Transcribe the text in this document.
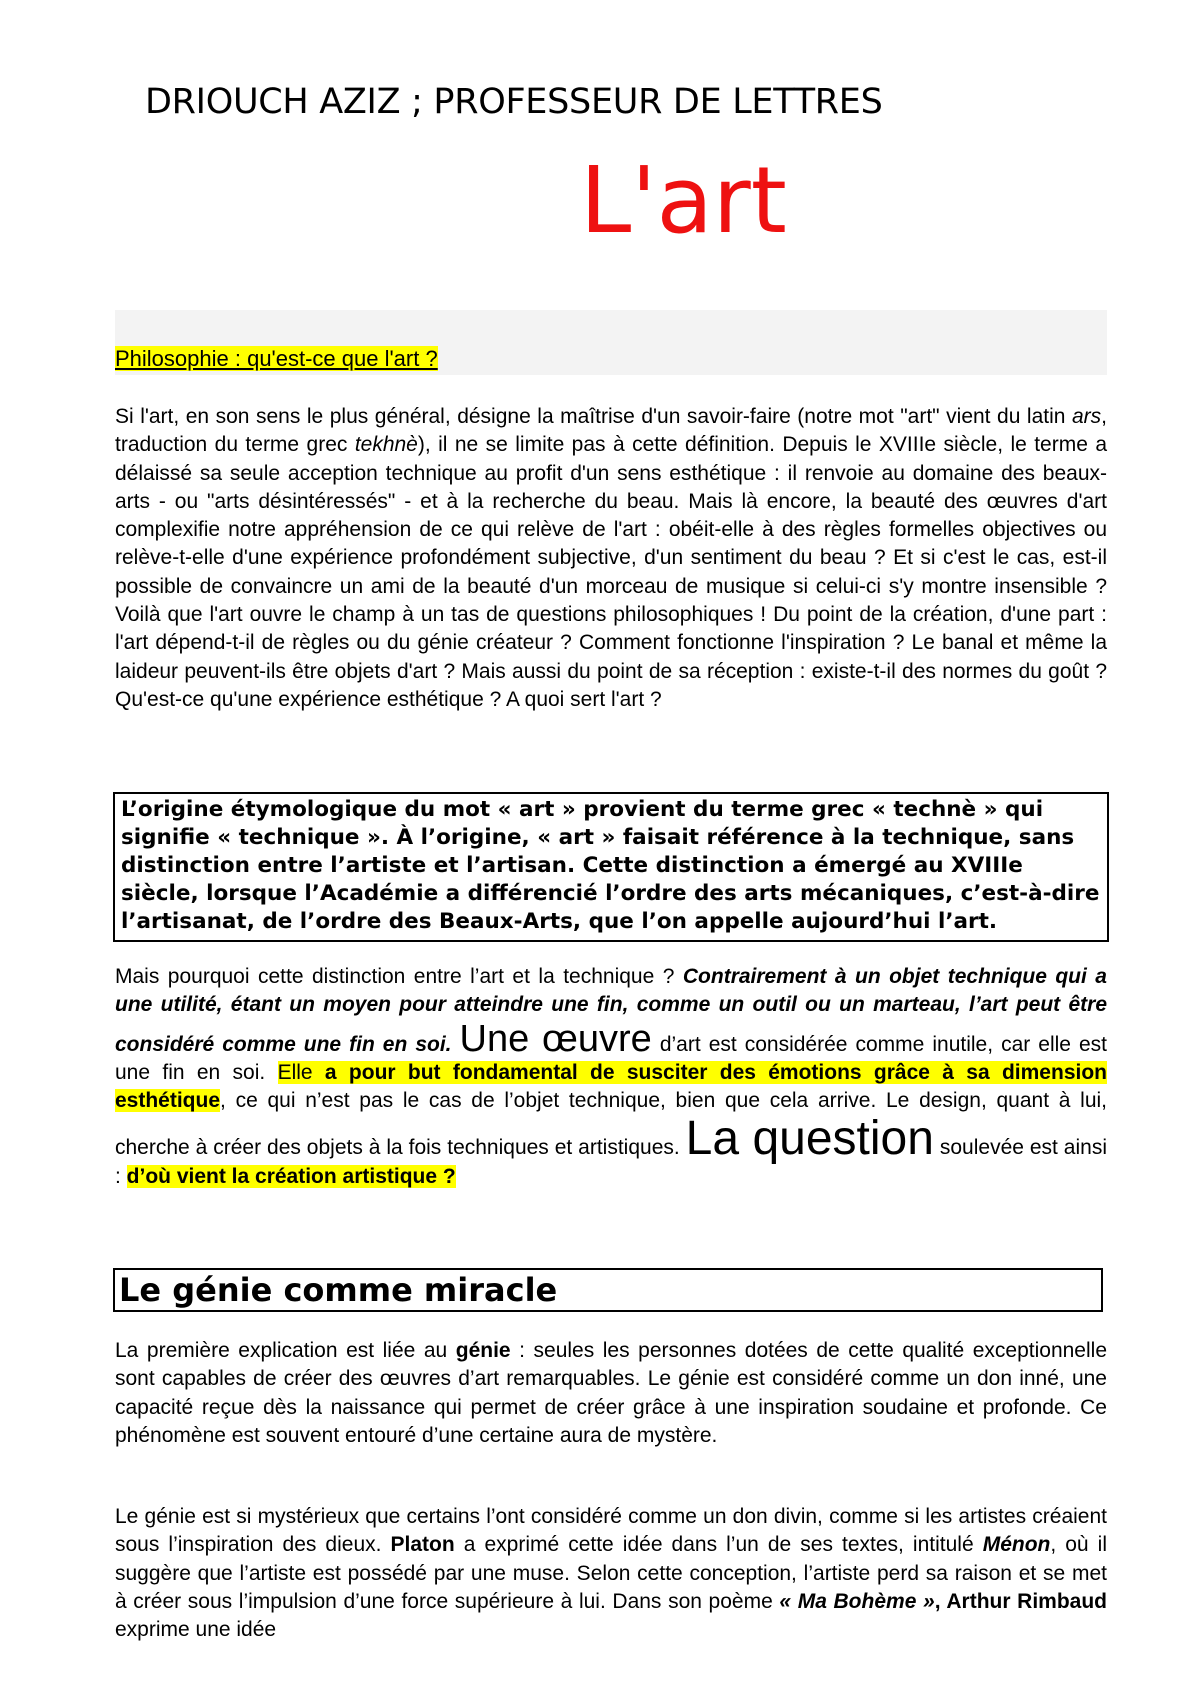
DRIOUCH AZIZ ; PROFESSEUR DE LETTRES
L'art
Philosophie : qu'est-ce que l'art ?

Si l'art, en son sens le plus général, désigne la maîtrise d'un savoir-faire (notre mot "art" vient du latin ars, traduction du terme grec tekhnè), il ne se limite pas à cette définition. Depuis le XVIIIe siècle, le terme a délaissé sa seule acception technique au profit d'un sens esthétique : il renvoie au domaine des beaux-arts - ou "arts désintéressés" - et à la recherche du beau. Mais là encore, la beauté des œuvres d'art complexifie notre appréhension de ce qui relève de l'art : obéit-elle à des règles formelles objectives ou relève-t-elle d'une expérience profondément subjective, d'un sentiment du beau ? Et si c'est le cas, est-il possible de convaincre un ami de la beauté d'un morceau de musique si celui-ci s'y montre insensible ? Voilà que l'art ouvre le champ à un tas de questions philosophiques ! Du point de la création, d'une part : l'art dépend-t-il de règles ou du génie créateur ? Comment fonctionne l'inspiration ? Le banal et même la laideur peuvent-ils être objets d'art ? Mais aussi du point de sa réception : existe-t-il des normes du goût ? Qu'est-ce qu'une expérience esthétique ? A quoi sert l'art ?

L’origine étymologique du mot « art » provient du terme grec « technè » qui signifie « technique ». À l’origine, « art » faisait référence à la technique, sans distinction entre l’artiste et l’artisan. Cette distinction a émergé au XVIIIe siècle, lorsque l’Académie a différencié l’ordre des arts mécaniques, c’est-à-dire l’artisanat, de l’ordre des Beaux-Arts, que l’on appelle aujourd’hui l’art.

Mais pourquoi cette distinction entre l’art et la technique ? Contrairement à un objet technique qui a une utilité, étant un moyen pour atteindre une fin, comme un outil ou un marteau, l’art peut être considéré comme une fin en soi. Une œuvre d’art est considérée comme inutile, car elle est une fin en soi. Elle a pour but fondamental de susciter des émotions grâce à sa dimension esthétique, ce qui n’est pas le cas de l’objet technique, bien que cela arrive. Le design, quant à lui, cherche à créer des objets à la fois techniques et artistiques. La question soulevée est ainsi : d’où vient la création artistique ?

Le génie comme miracle

La première explication est liée au génie : seules les personnes dotées de cette qualité exceptionnelle sont capables de créer des œuvres d’art remarquables. Le génie est considéré comme un don inné, une capacité reçue dès la naissance qui permet de créer grâce à une inspiration soudaine et profonde. Ce phénomène est souvent entouré d’une certaine aura de mystère.

Le génie est si mystérieux que certains l’ont considéré comme un don divin, comme si les artistes créaient sous l’inspiration des dieux. Platon a exprimé cette idée dans l’un de ses textes, intitulé Ménon, où il suggère que l’artiste est possédé par une muse. Selon cette conception, l’artiste perd sa raison et se met à créer sous l’impulsion d’une force supérieure à lui. Dans son poème « Ma Bohème », Arthur Rimbaud exprime une idée
